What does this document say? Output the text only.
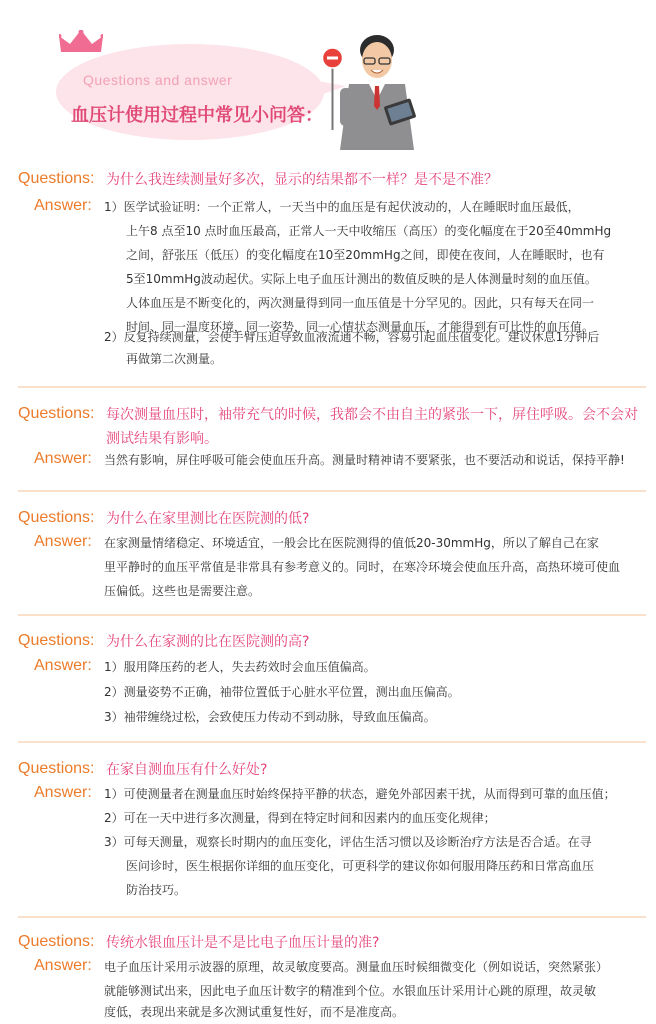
Questions and answer
血压计使用过程中常见小问答：
Questions: 为什么我连续测量好多次，显示的结果都不一样？是不是不准？
Answer: 1）医学试验证明：一个正常人，一天当中的血压是有起伏波动的，人在睡眠时血压最低，
上午8 点至10 点时血压最高，正常人一天中收缩压（高压）的变化幅度在于20至40mmHg
之间，舒张压（低压）的变化幅度在10至20mmHg之间，即使在夜间，人在睡眠时，也有
5至10mmHg波动起伏。实际上电子血压计测出的数值反映的是人体测量时刻的血压值。
人体血压是不断变化的，两次测量得到同一血压值是十分罕见的。因此，只有每天在同一
时间、同一温度环境，同一姿势，同一心情状态测量血压，才能得到有可比性的血压值。
2）反复持续测量，会使手臂压迫导致血液流通不畅，容易引起血压值变化。建议休息1分钟后
再做第二次测量。
Questions: 每次测量血压时，袖带充气的时候，我都会不由自主的紧张一下，屏住呼吸。会不会对
测试结果有影响。
Answer: 当然有影响，屏住呼吸可能会使血压升高。测量时精神请不要紧张，也不要活动和说话，保持平静!
Questions: 为什么在家里测比在医院测的低?
Answer: 在家测量情绪稳定、环境适宜，一般会比在医院测得的值低20-30mmHg，所以了解自己在家
里平静时的血压平常值是非常具有参考意义的。同时，在寒冷环境会使血压升高，高热环境可使血
压偏低。这些也是需要注意。
Questions: 为什么在家测的比在医院测的高?
Answer: 1）服用降压药的老人，失去药效时会血压值偏高。
2）测量姿势不正确，袖带位置低于心脏水平位置，测出血压偏高。
3）袖带缠绕过松，会致使压力传动不到动脉，导致血压偏高。
Questions: 在家自测血压有什么好处?
Answer: 1）可使测量者在测量血压时始终保持平静的状态，避免外部因素干扰，从而得到可靠的血压值；
2）可在一天中进行多次测量，得到在特定时间和因素内的血压变化规律；
3）可每天测量，观察长时期内的血压变化，评估生活习惯以及诊断治疗方法是否合适。在寻
医问诊时，医生根据你详细的血压变化，可更科学的建议你如何服用降压药和日常高血压
防治技巧。
Questions: 传统水银血压计是不是比电子血压计量的准?
Answer: 电子血压计采用示波器的原理，故灵敏度要高。测量血压时候细微变化（例如说话，突然紧张）
就能够测试出来，因此电子血压计数字的精准到个位。水银血压计采用计心跳的原理，故灵敏
度低，表现出来就是多次测试重复性好，而不是准度高。
